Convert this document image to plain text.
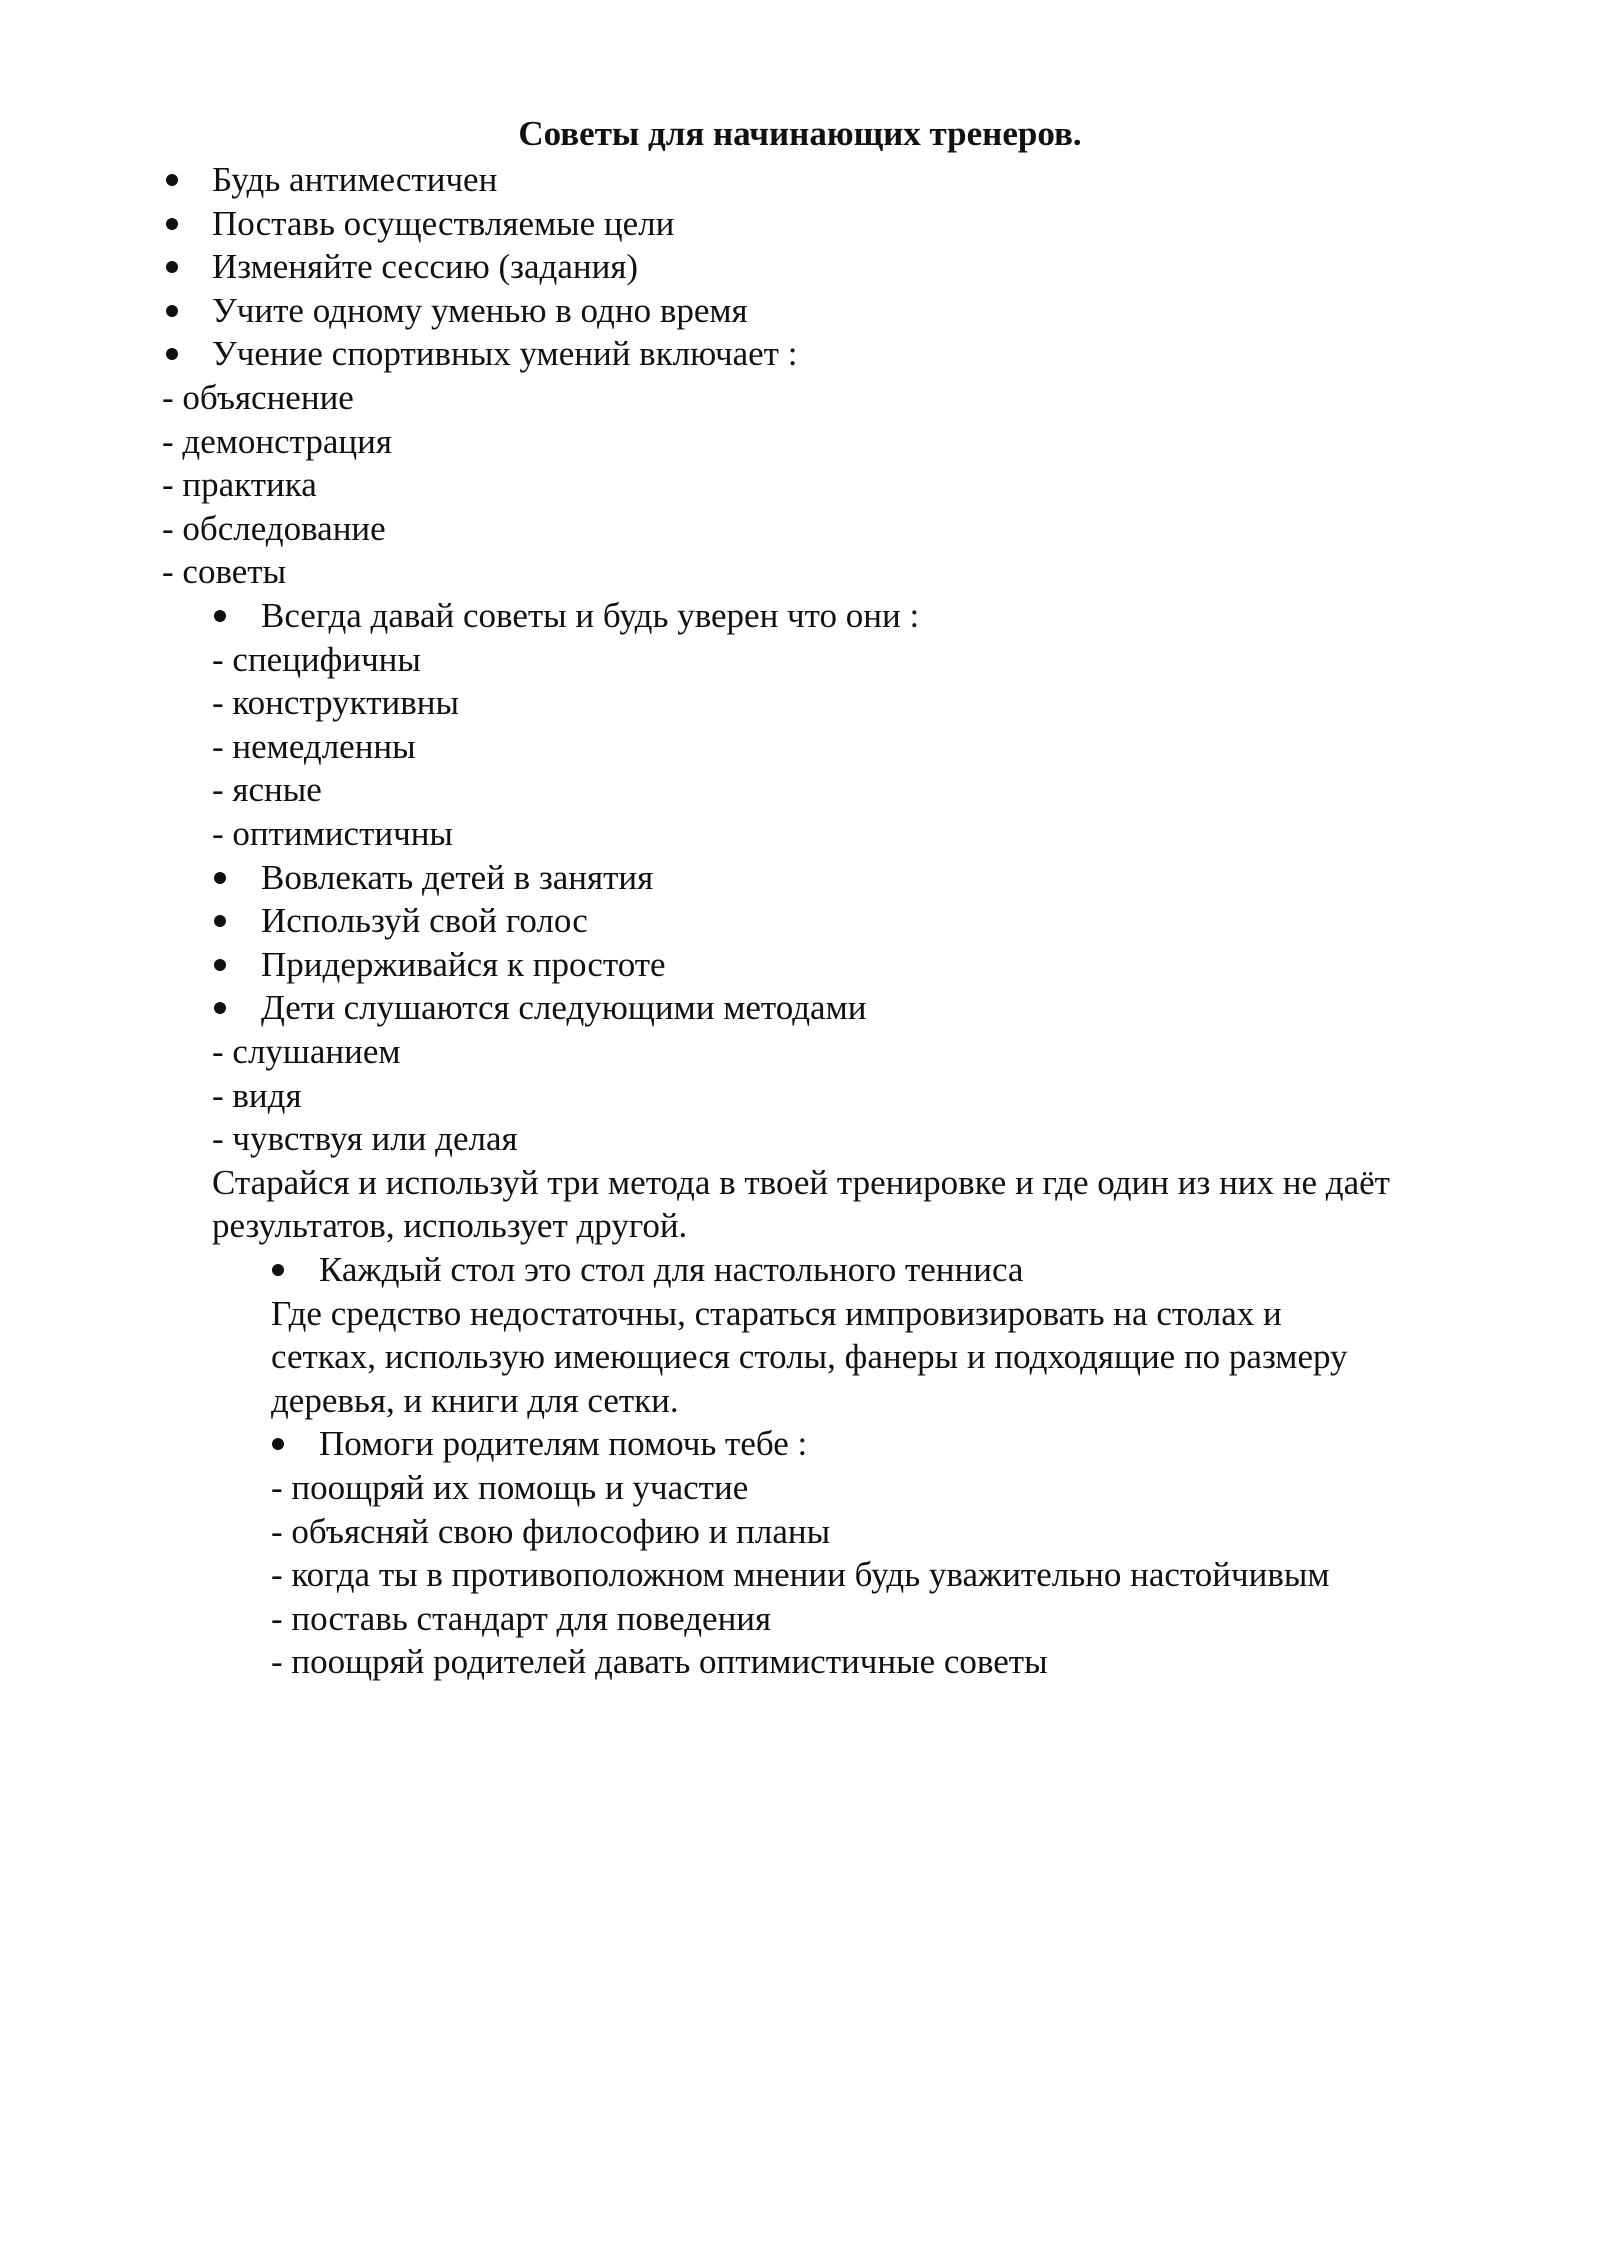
Советы для начинающих тренеров.
Будь антиместичен
Поставь осуществляемые цели
Изменяйте сессию (задания)
Учите одному уменью в одно время
Учение спортивных умений включает :
- объяснение
- демонстрация
- практика
- обследование
- советы
Всегда давай советы и будь уверен что они :
- специфичны
- конструктивны
- немедленны
- ясные
- оптимистичны
Вовлекать детей в занятия
Используй свой голос
Придерживайся к простоте
Дети слушаются следующими методами
- слушанием
- видя
- чувствуя или делая
Старайся и используй три метода в твоей тренировке и где один из них не даёт
результатов, использует другой.
Каждый стол это стол для настольного тенниса
Где средство недостаточны, стараться импровизировать на столах и
сетках, использую имеющиеся столы, фанеры и подходящие по размеру
деревья, и книги для сетки.
Помоги родителям помочь тебе :
- поощряй их помощь и участие
- объясняй свою философию и планы
- когда ты в противоположном мнении будь уважительно настойчивым
- поставь стандарт для поведения
- поощряй родителей давать оптимистичные советы
